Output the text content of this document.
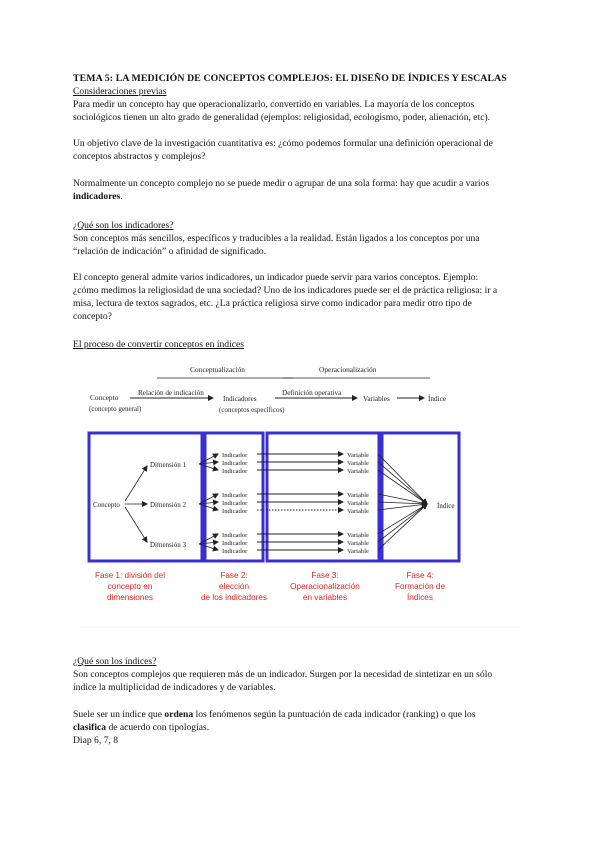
TEMA 5: LA MEDICIÓN DE CONCEPTOS COMPLEJOS: EL DISEÑO DE ÍNDICES Y ESCALAS
Consideraciones previas
Para medir un concepto hay que operacionalizarlo, convertido en variables. La mayoría de los conceptos
sociológicos tienen un alto grado de generalidad (ejemplos: religiosidad, ecologismo, poder, alienación, etc).
Un objetivo clave de la investigación cuantitativa es: ¿cómo podemos formular una definición operacional de
conceptos abstractos y complejos?
Normalmente un concepto complejo no se puede medir o agrupar de una sola forma: hay que acudir a varios
indicadores.
¿Qué son los indicadores?
Son conceptos más sencillos, específicos y traducibles a la realidad. Están ligados a los conceptos por una
“relación de indicación” o afinidad de significado.
El concepto general admite varios indicadores, un indicador puede servir para varios conceptos. Ejemplo:
¿cómo medimos la religiosidad de una sociedad? Uno de los indicadores puede ser el de práctica religiosa: ir a
misa, lectura de textos sagrados, etc. ¿La práctica religiosa sirve como indicador para medir otro tipo de
concepto?
El proceso de convertir conceptos en índices
Conceptualización	Operacionalización
Concepto
(concepto general)
Relación de indicación
Indicadores
(conceptos específicos)
Definición operativa
Variables	Índice
Concepto
Dimensión 1
Dimensión 2
Dimensión 3
Indicador	Variable
Indicador	Variable
Indicador	Variable
Indicador	Variable
Indicador	Variable
Indicador	Variable
Indicador	Variable
Indicador	Variable
Indicador	Variable
Índice
Fase 1: división del
concepto en
dimensiones
Fase 2:
elección
de los indicadores
Fase 3:
Operacionalización
en variables
Fase 4:
Formación de
Índices
¿Qué son los índices?
Son conceptos complejos que requieren más de un indicador. Surgen por la necesidad de sintetizar en un sólo
índice la multiplicidad de indicadores y de variables.
Suele ser un índice que ordena los fenómenos según la puntuación de cada indicador (ranking) o que los
clasifica de acuerdo con tipologías.
Diap 6, 7, 8
